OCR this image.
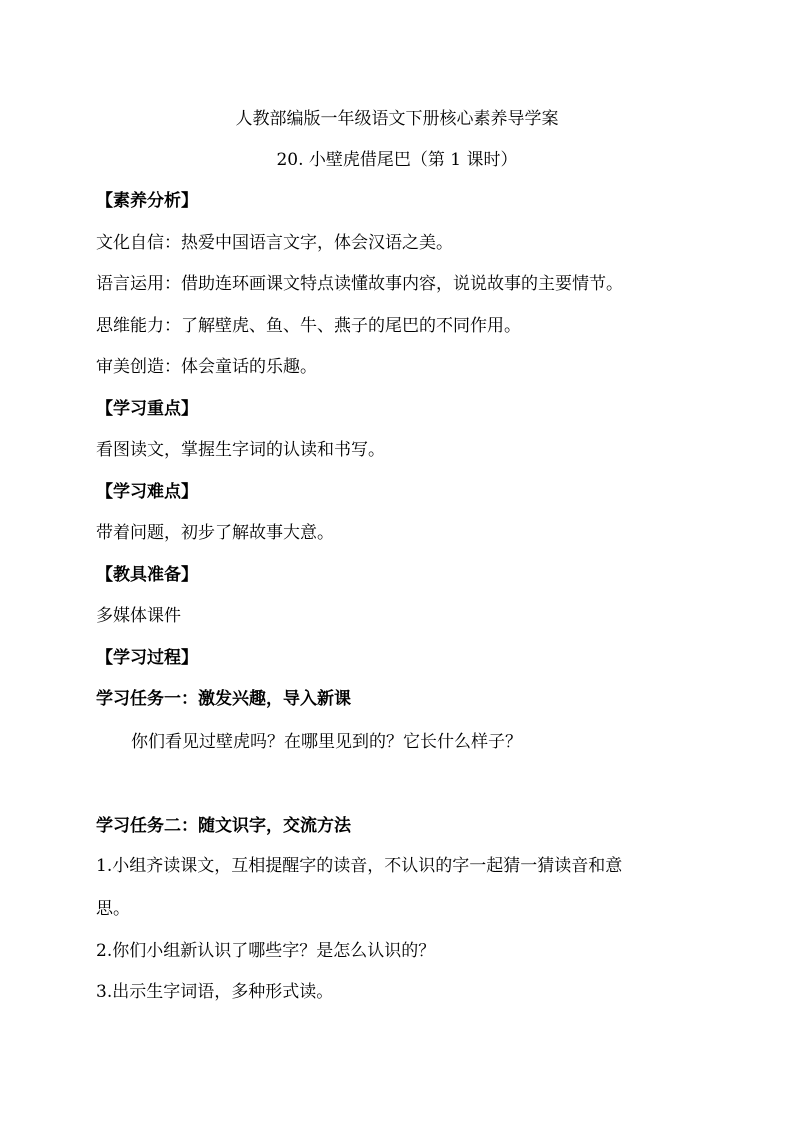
人教部编版一年级语文下册核心素养导学案
20. 小壁虎借尾巴（第 1 课时）
【素养分析】
文化自信：热爱中国语言文字，体会汉语之美。
语言运用：借助连环画课文特点读懂故事内容，说说故事的主要情节。
思维能力：了解壁虎、鱼、牛、燕子的尾巴的不同作用。
审美创造：体会童话的乐趣。
【学习重点】
看图读文，掌握生字词的认读和书写。
【学习难点】
带着问题，初步了解故事大意。
【教具准备】
多媒体课件
【学习过程】
学习任务一：激发兴趣，导入新课
你们看见过壁虎吗？在哪里见到的？它长什么样子？
学习任务二：随文识字，交流方法
1.小组齐读课文，互相提醒字的读音，不认识的字一起猜一猜读音和意
思。
2.你们小组新认识了哪些字？是怎么认识的？
3.出示生字词语，多种形式读。
